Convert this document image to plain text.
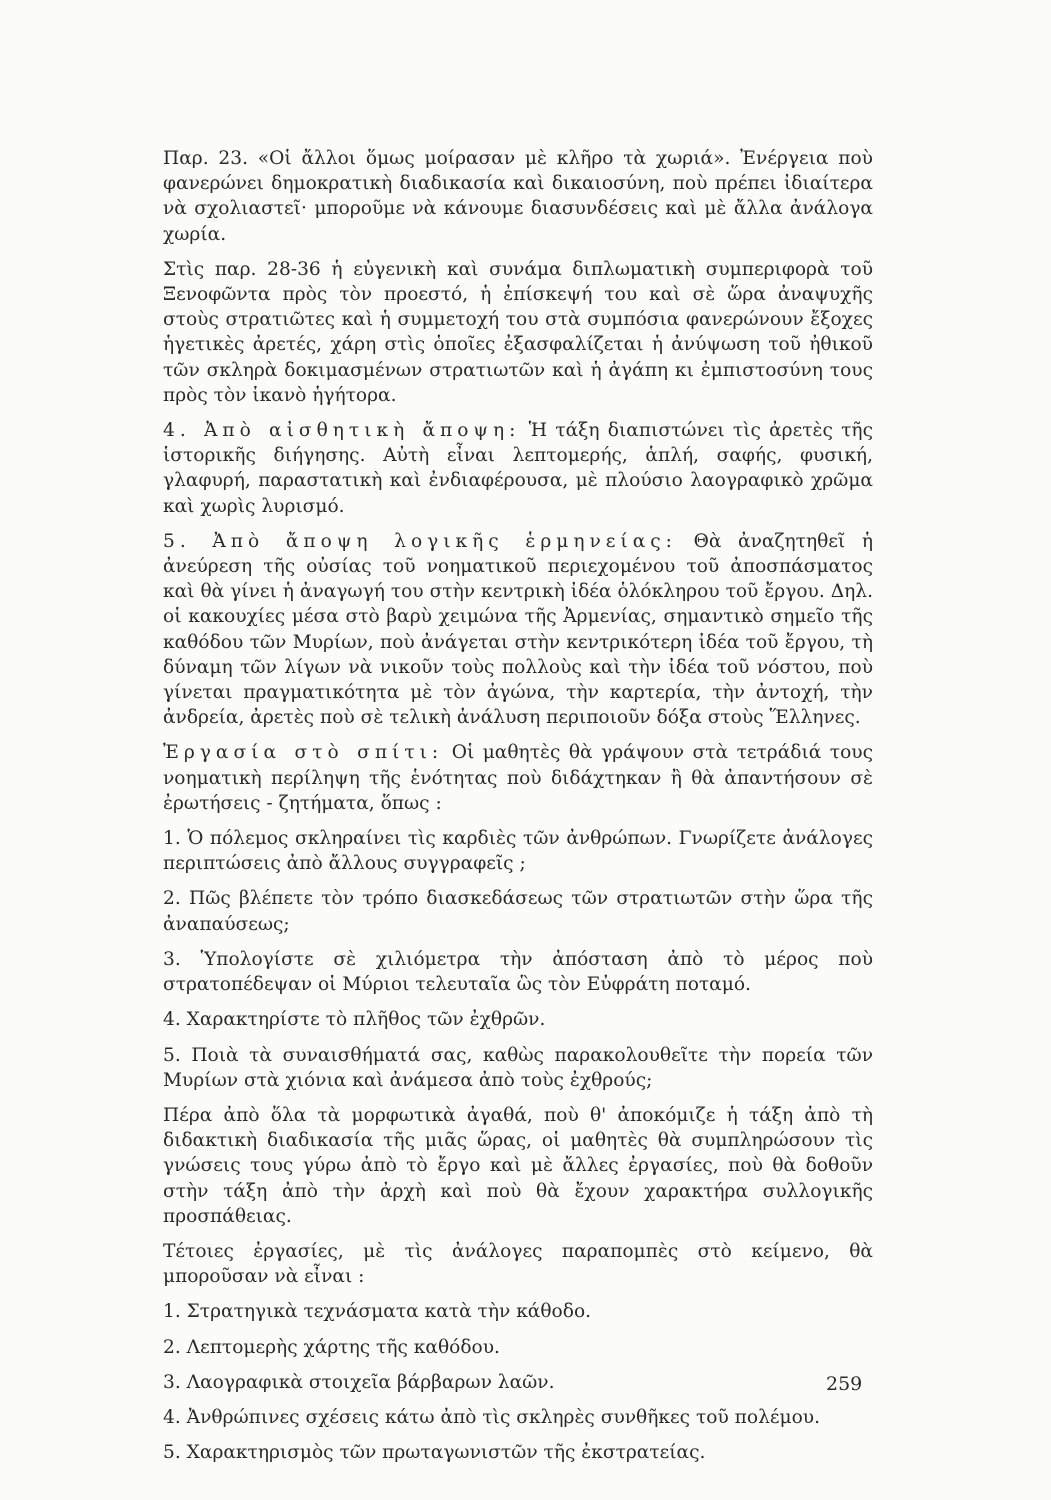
Παρ. 23. «Οἱ ἄλλοι ὅμως μοίρασαν μὲ κλῆρο τὰ χωριά». Ἐνέργεια ποὺ φανερώνει δημοκρατικὴ διαδικασία καὶ δικαιοσύνη, ποὺ πρέπει ἰδιαίτερα νὰ σχολιαστεῖ· μποροῦμε νὰ κάνουμε διασυνδέσεις καὶ μὲ ἄλλα ἀνάλογα χωρία.

Στὶς παρ. 28-36 ἡ εὐγενικὴ καὶ συνάμα διπλωματικὴ συμπεριφορὰ τοῦ Ξενοφῶντα πρὸς τὸν προεστό, ἡ ἐπίσκεψή του καὶ σὲ ὥρα ἀναψυχῆς στοὺς στρατιῶτες καὶ ἡ συμμετοχή του στὰ συμπόσια φανερώνουν ἔξοχες ἡγετικὲς ἀρετές, χάρη στὶς ὁποῖες ἐξασφαλίζεται ἡ ἀνύψωση τοῦ ἠθικοῦ τῶν σκληρὰ δοκιμασμένων στρατιωτῶν καὶ ἡ ἀγάπη κι ἐμπιστοσύνη τους πρὸς τὸν ἱκανὸ ἡγήτορα.

4. Ἀπὸ αἰσθητικὴ ἄποψη: Ἡ τάξη διαπιστώνει τὶς ἀρετὲς τῆς ἱστορικῆς διήγησης. Αὐτὴ εἶναι λεπτομερής, ἁπλή, σαφής, φυσική, γλαφυρή, παραστατικὴ καὶ ἐνδιαφέρουσα, μὲ πλούσιο λαογραφικὸ χρῶμα καὶ χωρὶς λυρισμό.

5. Ἀπὸ ἄποψη λογικῆς ἑρμηνείας: Θὰ ἀναζητηθεῖ ἡ ἀνεύρεση τῆς οὐσίας τοῦ νοηματικοῦ περιεχομένου τοῦ ἀποσπάσματος καὶ θὰ γίνει ἡ ἀναγωγή του στὴν κεντρικὴ ἰδέα ὁλόκληρου τοῦ ἔργου. Δηλ. οἱ κακουχίες μέσα στὸ βαρὺ χειμώνα τῆς Ἀρμενίας, σημαντικὸ σημεῖο τῆς καθόδου τῶν Μυρίων, ποὺ ἀνάγεται στὴν κεντρικότερη ἰδέα τοῦ ἔργου, τὴ δύναμη τῶν λίγων νὰ νικοῦν τοὺς πολλοὺς καὶ τὴν ἰδέα τοῦ νόστου, ποὺ γίνεται πραγματικότητα μὲ τὸν ἀγώνα, τὴν καρτερία, τὴν ἀντοχή, τὴν ἀνδρεία, ἀρετὲς ποὺ σὲ τελικὴ ἀνάλυση περιποιοῦν δόξα στοὺς Ἕλληνες.

Ἐργασία στὸ σπίτι: Οἱ μαθητὲς θὰ γράψουν στὰ τετράδιά τους νοηματικὴ περίληψη τῆς ἑνότητας ποὺ διδάχτηκαν ἢ θὰ ἀπαντήσουν σὲ ἐρωτήσεις - ζητήματα, ὅπως :

1. Ὁ πόλεμος σκληραίνει τὶς καρδιὲς τῶν ἀνθρώπων. Γνωρίζετε ἀνάλογες περιπτώσεις ἀπὸ ἄλλους συγγραφεῖς ;

2. Πῶς βλέπετε τὸν τρόπο διασκεδάσεως τῶν στρατιωτῶν στὴν ὥρα τῆς ἀναπαύσεως;

3. Ὑπολογίστε σὲ χιλιόμετρα τὴν ἀπόσταση ἀπὸ τὸ μέρος ποὺ στρατοπέδεψαν οἱ Μύριοι τελευταῖα ὣς τὸν Εὐφράτη ποταμό.

4. Χαρακτηρίστε τὸ πλῆθος τῶν ἐχθρῶν.

5. Ποιὰ τὰ συναισθήματά σας, καθὼς παρακολουθεῖτε τὴν πορεία τῶν Μυρίων στὰ χιόνια καὶ ἀνάμεσα ἀπὸ τοὺς ἐχθρούς;

Πέρα ἀπὸ ὅλα τὰ μορφωτικὰ ἀγαθά, ποὺ θ' ἀποκόμιζε ἡ τάξη ἀπὸ τὴ διδακτικὴ διαδικασία τῆς μιᾶς ὥρας, οἱ μαθητὲς θὰ συμπληρώσουν τὶς γνώσεις τους γύρω ἀπὸ τὸ ἔργο καὶ μὲ ἄλλες ἐργασίες, ποὺ θὰ δοθοῦν στὴν τάξη ἀπὸ τὴν ἀρχὴ καὶ ποὺ θὰ ἔχουν χαρακτήρα συλλογικῆς προσπάθειας.

Τέτοιες ἐργασίες, μὲ τὶς ἀνάλογες παραπομπὲς στὸ κείμενο, θὰ μποροῦσαν νὰ εἶναι :

1. Στρατηγικὰ τεχνάσματα κατὰ τὴν κάθοδο.

2. Λεπτομερὴς χάρτης τῆς καθόδου.

3. Λαογραφικὰ στοιχεῖα βάρβαρων λαῶν.

4. Ἀνθρώπινες σχέσεις κάτω ἀπὸ τὶς σκληρὲς συνθῆκες τοῦ πολέμου.

5. Χαρακτηρισμὸς τῶν πρωταγωνιστῶν τῆς ἐκστρατείας.

259
